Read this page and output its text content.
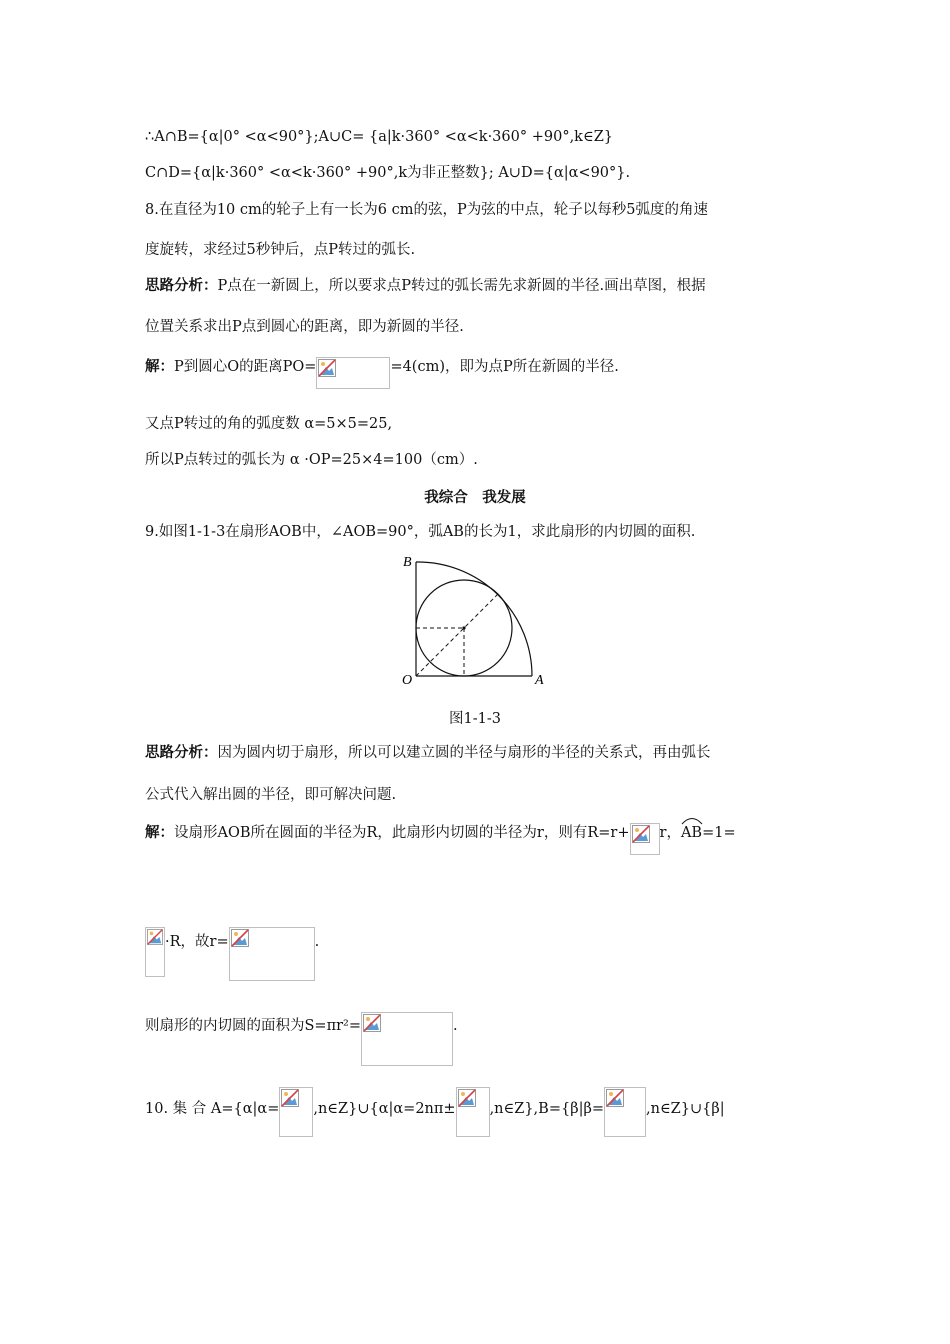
∴A∩B={α|0° <α<90°};A∪C= {a|k·360° <α<k·360° +90°,k∈Z}
C∩D={α|k·360° <α<k·360° +90°,k为非正整数}; A∪D={α|α<90°}.
8.在直径为10 cm的轮子上有一长为6 cm的弦，P为弦的中点，轮子以每秒5弧度的角速
度旋转，求经过5秒钟后，点P转过的弧长.
思路分析：P点在一新圆上，所以要求点P转过的弧长需先求新圆的半径.画出草图，根据
位置关系求出P点到圆心的距离，即为新圆的半径.
解：P到圆心O的距离PO=	=4(cm)，即为点P所在新圆的半径.
又点P转过的角的弧度数 α=5×5=25,
所以P点转过的弧长为 α ·OP=25×4=100（cm）.
我综合　我发展
9.如图1-1-3在扇形AOB中，∠AOB=90°，弧AB的长为1，求此扇形的内切圆的面积.
B
O	A
图1-1-3
思路分析：因为圆内切于扇形，所以可以建立圆的半径与扇形的半径的关系式，再由弧长
公式代入解出圆的半径，即可解决问题.
解：设扇形AOB所在圆面的半径为R，此扇形内切圆的半径为r，则有R=r+ r，
AB=1=
·R，故r=	.
则扇形的内切圆的面积为S=πr²=	.
10. 集 合 A={α|α= ,n∈Z}∪{α|α=2nπ± ,n∈Z},B={β|β=	,n∈Z}∪{β|
